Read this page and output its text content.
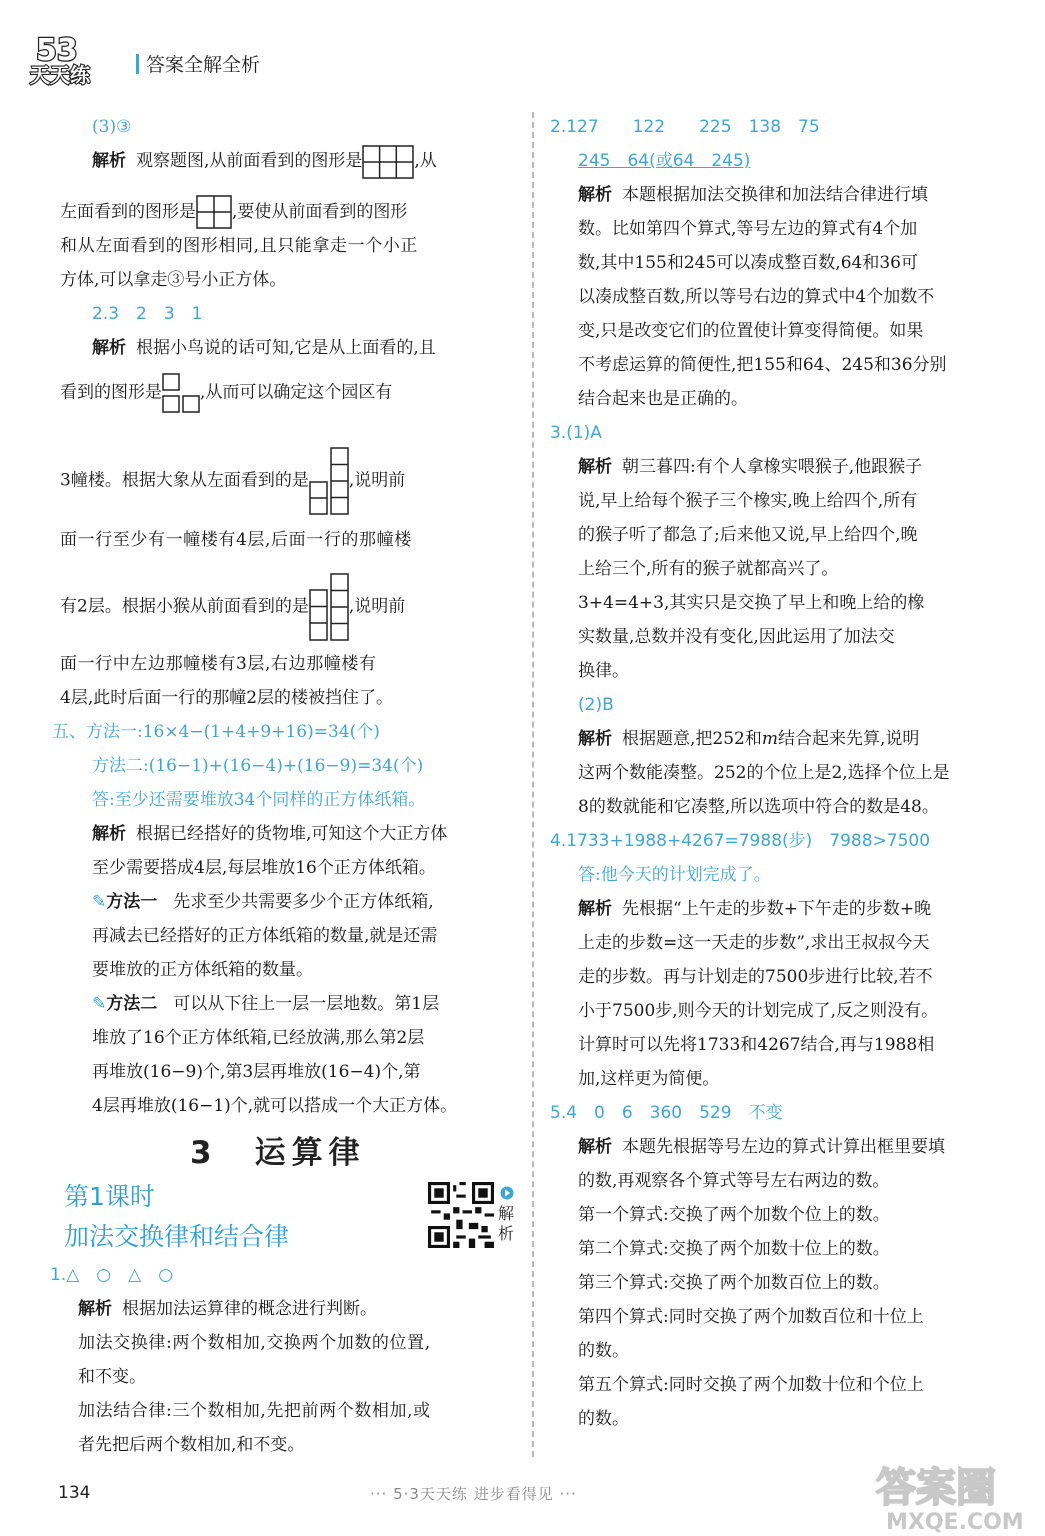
53
天天练	答案全解全析
(3)③
解析 观察题图,从前面看到的图形是	,从
左面看到的图形是 ,要使从前面看到的图形
和从左面看到的图形相同,且只能拿走一个小正
方体,可以拿走③号小正方体。
2.3　2　3　1
解析 根据小鸟说的话可知,它是从上面看的,且
看到的图形是 ,从而可以确定这个园区有
3幢楼。根据大象从左面看到的是 ,说明前
面一行至少有一幢楼有4层,后面一行的那幢楼
有2层。根据小猴从前面看到的是 ,说明前
面一行中左边那幢楼有3层,右边那幢楼有
4层,此时后面一行的那幢2层的楼被挡住了。
五、方法一:16×4−(1+4+9+16)=34(个)
方法二:(16−1)+(16−4)+(16−9)=34(个)
答:至少还需要堆放34个同样的正方体纸箱。
解析 根据已经搭好的货物堆,可知这个大正方体
至少需要搭成4层,每层堆放16个正方体纸箱。
✎方法一 先求至少共需要多少个正方体纸箱,
再减去已经搭好的正方体纸箱的数量,就是还需
要堆放的正方体纸箱的数量。
✎方法二 可以从下往上一层一层地数。第1层
堆放了16个正方体纸箱,已经放满,那么第2层
再堆放(16−9)个,第3层再堆放(16−4)个,第
4层再堆放(16−1)个,就可以搭成一个大正方体。
3　运算律
第1课时
加法交换律和结合律
解析
1.△　○　△　○
解析 根据加法运算律的概念进行判断。
加法交换律:两个数相加,交换两个加数的位置,
和不变。
加法结合律:三个数相加,先把前两个数相加,或
者先把后两个数相加,和不变。
2.127　　122　　225　138　75
245　64(或64　245)
解析 本题根据加法交换律和加法结合律进行填
数。比如第四个算式,等号左边的算式有4个加
数,其中155和245可以凑成整百数,64和36可
以凑成整百数,所以等号右边的算式中4个加数不
变,只是改变它们的位置使计算变得简便。如果
不考虑运算的简便性,把155和64、245和36分别
结合起来也是正确的。
3.(1)A
解析 朝三暮四:有个人拿橡实喂猴子,他跟猴子
说,早上给每个猴子三个橡实,晚上给四个,所有
的猴子听了都急了;后来他又说,早上给四个,晚
上给三个,所有的猴子就都高兴了。
3+4=4+3,其实只是交换了早上和晚上给的橡
实数量,总数并没有变化,因此运用了加法交
换律。
(2)B
解析 根据题意,把252和m结合起来先算,说明
这两个数能凑整。252的个位上是2,选择个位上是
8的数就能和它凑整,所以选项中符合的数是48。
4.1733+1988+4267=7988(步)　7988>7500
答:他今天的计划完成了。
解析 先根据“上午走的步数+下午走的步数+晚
上走的步数=这一天走的步数”,求出王叔叔今天
走的步数。再与计划走的7500步进行比较,若不
小于7500步,则今天的计划完成了,反之则没有。
计算时可以先将1733和4267结合,再与1988相
加,这样更为简便。
5.4　0　6　360　529　不变
解析 本题先根据等号左边的算式计算出框里要填
的数,再观察各个算式等号左右两边的数。
第一个算式:交换了两个加数个位上的数。
第二个算式:交换了两个加数十位上的数。
第三个算式:交换了两个加数百位上的数。
第四个算式:同时交换了两个加数百位和十位上
的数。
第五个算式:同时交换了两个加数十位和个位上
的数。
134	··· 5·3天天练 进步看得见 ···	答案圈
MXQE.COM
